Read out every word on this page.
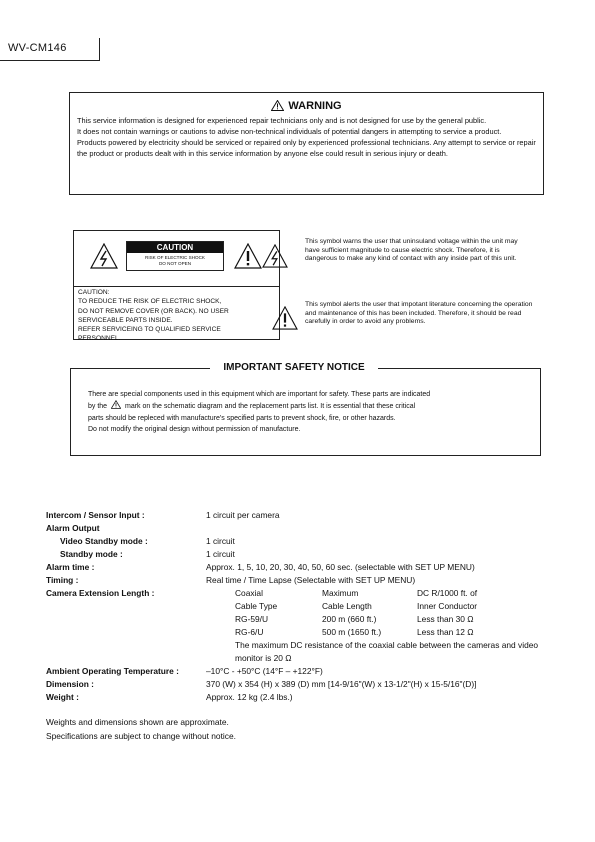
WV-CM146
WARNING

This service information is designed for experienced repair technicians only and is not designed for use by the general public.

It does not contain warnings or cautions to advise non-technical individuals of potential dangers in attempting to service a product.

Products powered by electricity should be serviced or repaired only by experienced professional technicians. Any attempt to service or repair the product or products dealt with in this service information by anyone else could result in serious injury or death.

CAUTION
RISK OF ELECTRIC SHOCK
DO NOT OPEN
CAUTION:
TO REDUCE THE RISK OF ELECTRIC SHOCK,
DO NOT REMOVE COVER (OR BACK). NO USER
SERVICEABLE PARTS INSIDE.
REFER SERVICEING TO QUALIFIED SERVICE
PERSONNEL.
This symbol warns the user that uninsuland voltage within the unit may have sufficient magnitude to cause electric shock. Therefore, it is dangerous to make any kind of contact with any inside part of this unit.
This symbol alerts the user that impotant literature concerning the operation and maintenance of this has been included. Therefore, it should be read carefully in order to avoid any problems.
IMPORTANT SAFETY NOTICE

There are special components used in this equipment which are important for safety. These parts are indicated

by the	mark on the schematic diagram and the replacement parts list. It is essential that these critical

parts should be repleced with manufacture's specified parts to prevent shock, fire, or other hazards.

Do not modify the original design without permission of manufacture.

Intercom / Sensor Input :	1 circuit per camera
Alarm Output
Video Standby mode :	1 circuit
Standby mode :	1 circuit
Alarm time :	Approx. 1, 5, 10, 20, 30, 40, 50, 60 sec. (selectable with SET UP MENU)
Timing :	Real time / Time Lapse (Selectable with SET UP MENU)
Camera Extension Length :	Coaxial	Maximum	DC R/1000 ft. of
Cable Type	Cable Length	Inner Conductor
RG-59/U	200 m (660 ft.)	Less than 30 Ω
RG-6/U	500 m (1650 ft.)	Less than 12 Ω
The maximum DC resistance of the coaxial cable between the cameras and video
monitor is 20 Ω
Ambient Operating Temperature :	–10°C - +50°C (14°F – +122°F)
Dimension :	370 (W) x 354 (H) x 389 (D) mm [14-9/16"(W) x 13-1/2"(H) x 15-5/16"(D)]
Weight :	Approx. 12 kg (2.4 lbs.)
Weights and dimensions shown are approximate.
Specifications are subject to change without notice.
